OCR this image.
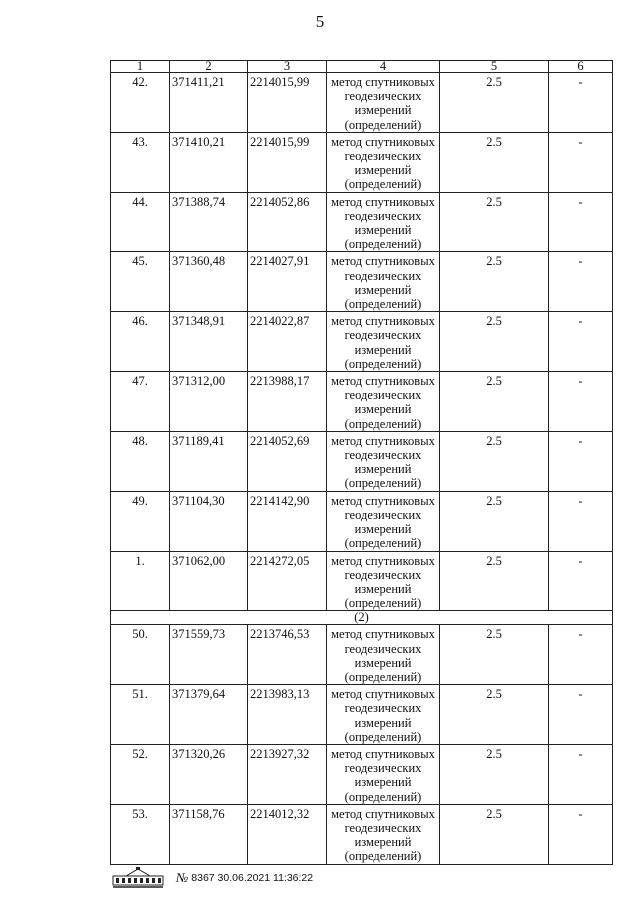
5
1	2	3	4	5	6
42.	371411,21	2214015,99	метод спутниковых геодезических измерений (определений)	2.5	-
43.	371410,21	2214015,99	метод спутниковых геодезических измерений (определений)	2.5	-
44.	371388,74	2214052,86	метод спутниковых геодезических измерений (определений)	2.5	-
45.	371360,48	2214027,91	метод спутниковых геодезических измерений (определений)	2.5	-
46.	371348,91	2214022,87	метод спутниковых геодезических измерений (определений)	2.5	-
47.	371312,00	2213988,17	метод спутниковых геодезических измерений (определений)	2.5	-
48.	371189,41	2214052,69	метод спутниковых геодезических измерений (определений)	2.5	-
49.	371104,30	2214142,90	метод спутниковых геодезических измерений (определений)	2.5	-
1.	371062,00	2214272,05	метод спутниковых геодезических измерений (определений)	2.5	-
(2)					
50.	371559,73	2213746,53	метод спутниковых геодезических измерений (определений)	2.5	-
51.	371379,64	2213983,13	метод спутниковых геодезических измерений (определений)	2.5	-
52.	371320,26	2213927,32	метод спутниковых геодезических измерений (определений)	2.5	-
53.	371158,76	2214012,32	метод спутниковых геодезических измерений (определений)	2.5	-
№ 8367 30.06.2021 11:36:22
